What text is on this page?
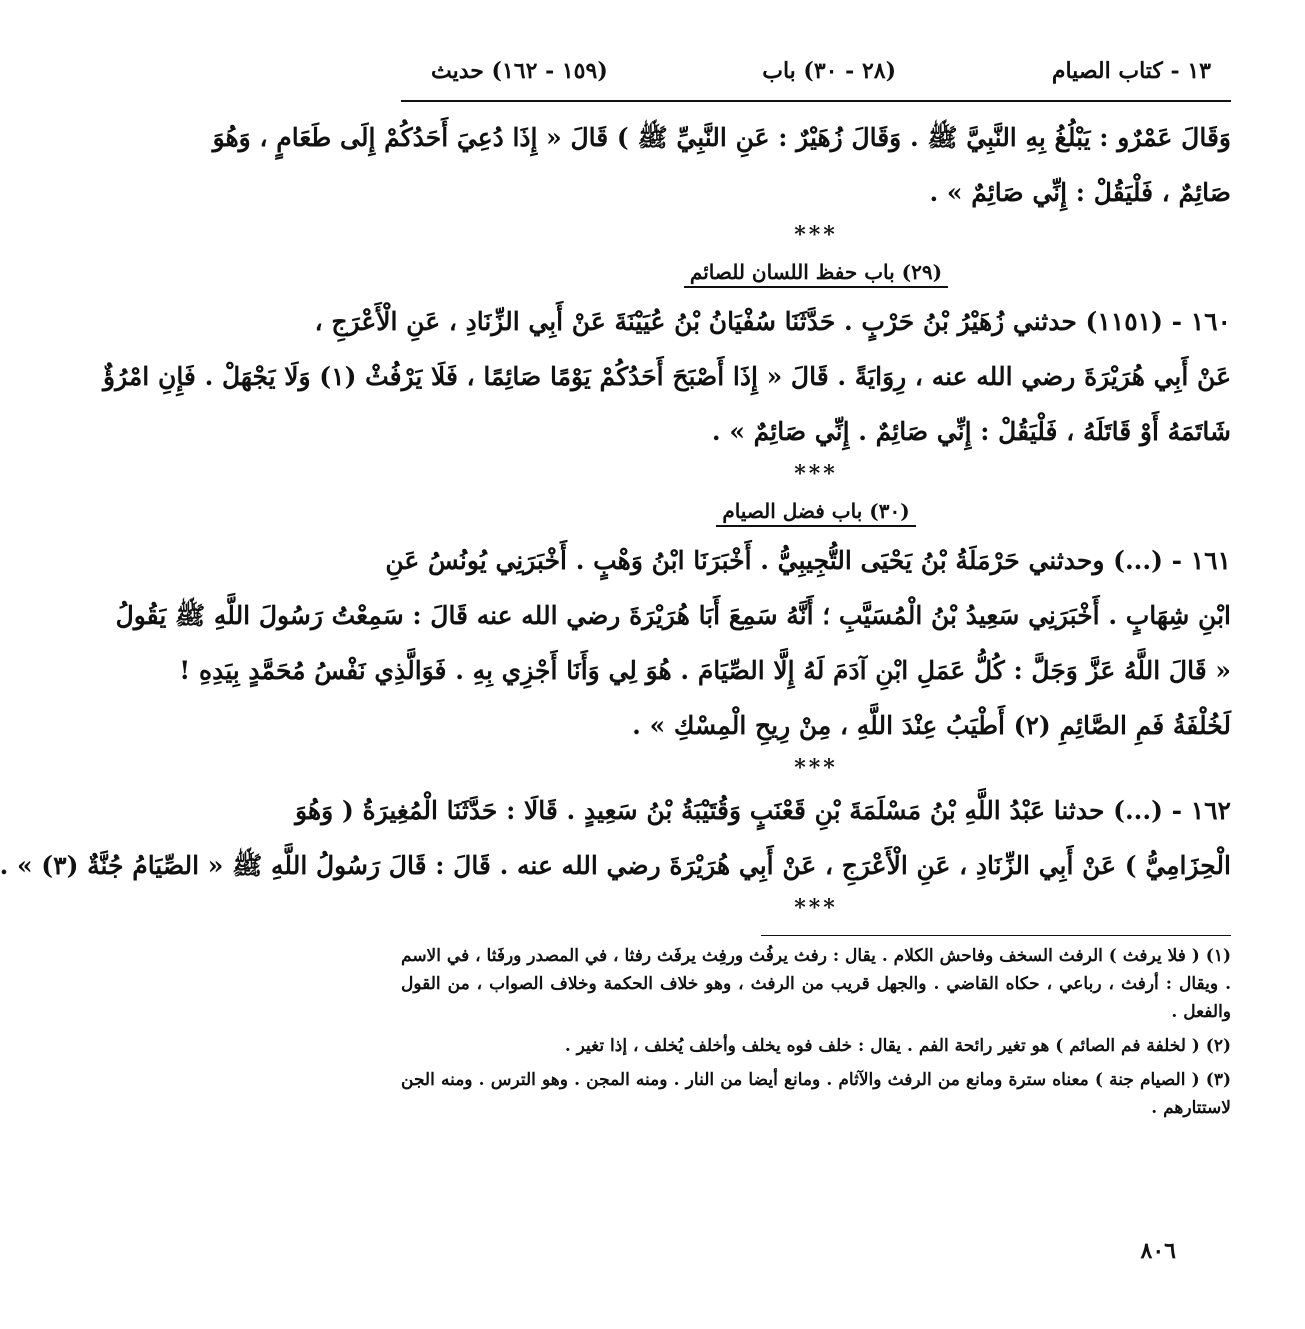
١٣ - كتاب الصيام
(٢٨ - ٣٠) باب
(١٥٩ - ١٦٢) حديث
وَقَالَ عَمْرٌو : يَبْلُغُ بِهِ النَّبِيَّ ﷺ . وَقَالَ زُهَيْرٌ : عَنِ النَّبِيِّ ﷺ ) قَالَ « إِذَا دُعِيَ أَحَدُكُمْ إِلَى طَعَامٍ ، وَهُوَ
صَائِمٌ ، فَلْيَقُلْ : إِنِّي صَائِمٌ » .
***
(٢٩) باب حفظ اللسان للصائم
١٦٠ - (١١٥١) حدثني زُهَيْرُ بْنُ حَرْبٍ . حَدَّثَنَا سُفْيَانُ بْنُ عُيَيْنَةَ عَنْ أَبِي الزِّنَادِ ، عَنِ الْأَعْرَجِ ،
عَنْ أَبِي هُرَيْرَةَ رضي الله عنه ، رِوَايَةً . قَالَ « إِذَا أَصْبَحَ أَحَدُكُمْ يَوْمًا صَائِمًا ، فَلَا يَرْفُثْ (١) وَلَا يَجْهَلْ . فَإِنِ امْرُؤٌ
شَاتَمَهُ أَوْ قَاتَلَهُ ، فَلْيَقُلْ : إِنِّي صَائِمٌ . إِنِّي صَائِمٌ » .
***
(٣٠) باب فضل الصيام
١٦١ - (...) وحدثني حَرْمَلَةُ بْنُ يَحْيَى التُّجِيبِيُّ . أَخْبَرَنَا ابْنُ وَهْبٍ . أَخْبَرَنِي يُونُسُ عَنِ
ابْنِ شِهَابٍ . أَخْبَرَنِي سَعِيدُ بْنُ الْمُسَيَّبِ ؛ أَنَّهُ سَمِعَ أَبَا هُرَيْرَةَ رضي الله عنه قَالَ : سَمِعْتُ رَسُولَ اللَّهِ ﷺ يَقُولُ
« قَالَ اللَّهُ عَزَّ وَجَلَّ : كُلُّ عَمَلِ ابْنِ آدَمَ لَهُ إِلَّا الصِّيَامَ . هُوَ لِي وَأَنَا أَجْزِي بِهِ . فَوَالَّذِي نَفْسُ مُحَمَّدٍ بِيَدِهِ !
لَخُلْفَةُ فَمِ الصَّائِمِ (٢) أَطْيَبُ عِنْدَ اللَّهِ ، مِنْ رِيحِ الْمِسْكِ » .
***
١٦٢ - (...) حدثنا عَبْدُ اللَّهِ بْنُ مَسْلَمَةَ بْنِ قَعْنَبٍ وَقُتَيْبَةُ بْنُ سَعِيدٍ . قَالَا : حَدَّثَنَا الْمُغِيرَةُ ( وَهُوَ
الْحِزَامِيُّ ) عَنْ أَبِي الزِّنَادِ ، عَنِ الْأَعْرَجِ ، عَنْ أَبِي هُرَيْرَةَ رضي الله عنه . قَالَ : قَالَ رَسُولُ اللَّهِ ﷺ « الصِّيَامُ جُنَّةٌ (٣) » .
***

(١) ( فلا يرفث ) الرفث السخف وفاحش الكلام . يقال : رفث يرفُث ورفِث يرفَث رفثا ، في المصدر ورفَثا ، في الاسم . ويقال : أرفث ، رباعي ، حكاه القاضي . والجهل قريب من الرفث ، وهو خلاف الحكمة وخلاف الصواب ، من القول والفعل .

(٢) ( لخلفة فم الصائم ) هو تغير رائحة الفم . يقال : خلف فوه يخلف وأخلف يُخلف ، إذا تغير .

(٣) ( الصيام جنة ) معناه سترة ومانع من الرفث والآثام . ومانع أيضا من النار . ومنه المجن . وهو الترس . ومنه الجن لاستتارهم .

٨٠٦
